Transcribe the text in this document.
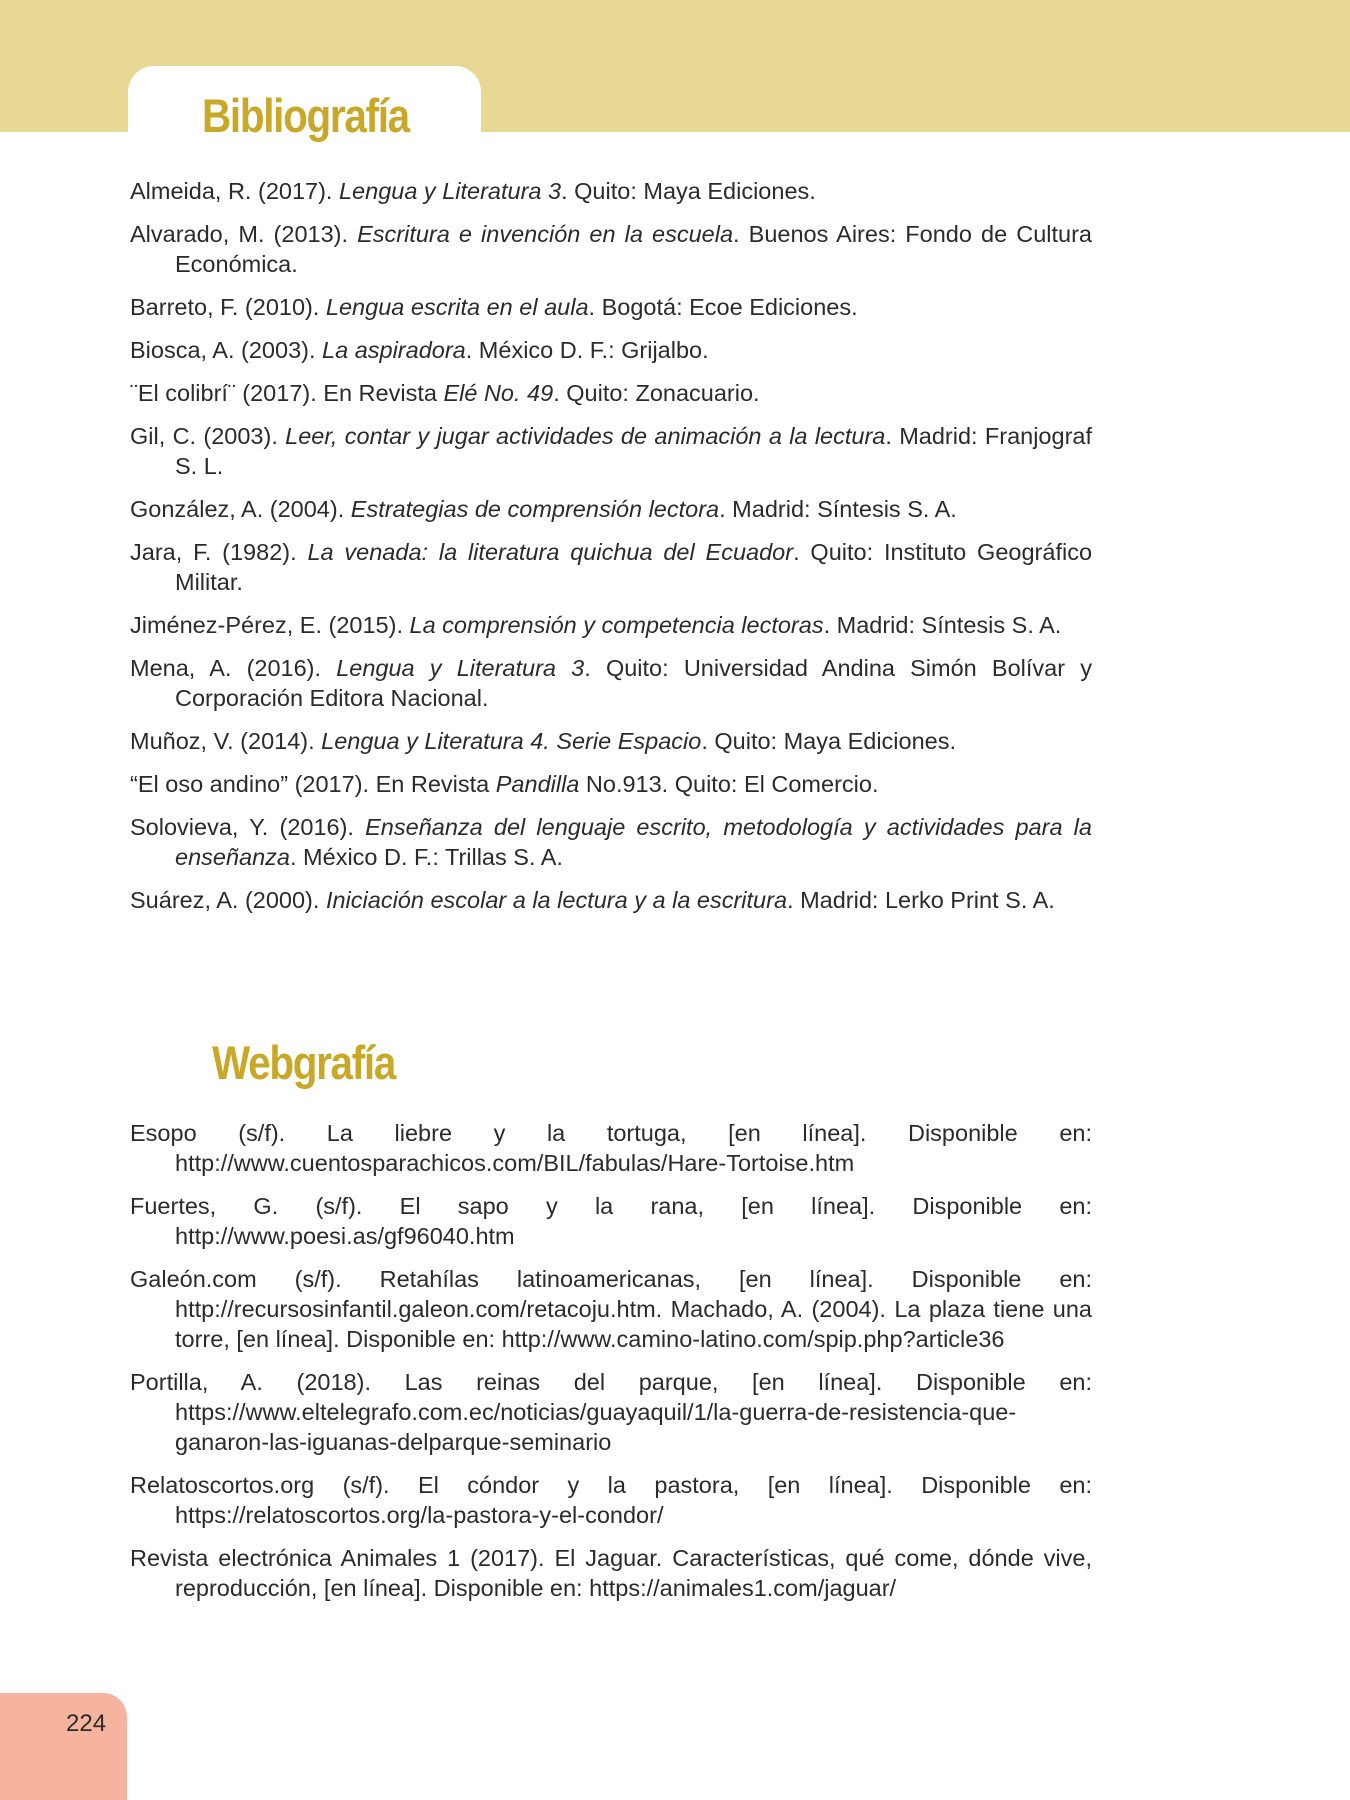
Bibliografía
Almeida, R. (2017). Lengua y Literatura 3. Quito: Maya Ediciones.
Alvarado, M. (2013). Escritura e invención en la escuela. Buenos Aires: Fondo de Cultura Económica.
Barreto, F. (2010). Lengua escrita en el aula. Bogotá: Ecoe Ediciones.
Biosca, A. (2003). La aspiradora. México D. F.: Grijalbo.
¨El colibrí¨ (2017). En Revista Elé No. 49. Quito: Zonacuario.
Gil, C. (2003). Leer, contar y jugar actividades de animación a la lectura. Madrid: Franjograf S. L.
González, A. (2004). Estrategias de comprensión lectora. Madrid: Síntesis S. A.
Jara, F. (1982). La venada: la literatura quichua del Ecuador. Quito: Instituto Geográfico Militar.
Jiménez-Pérez, E. (2015). La comprensión y competencia lectoras. Madrid: Síntesis S. A.
Mena, A. (2016). Lengua y Literatura 3. Quito: Universidad Andina Simón Bolívar y Corporación Editora Nacional.
Muñoz, V. (2014). Lengua y Literatura 4. Serie Espacio. Quito: Maya Ediciones.
“El oso andino” (2017). En Revista Pandilla No.913. Quito: El Comercio.
Solovieva, Y. (2016). Enseñanza del lenguaje escrito, metodología y actividades para la enseñanza. México D. F.: Trillas S. A.
Suárez, A. (2000). Iniciación escolar a la lectura y a la escritura. Madrid: Lerko Print S. A.
Webgrafía
Esopo (s/f). La liebre y la tortuga, [en línea]. Disponible en: http://www.cuentosparachicos.com/BIL/fabulas/Hare-Tortoise.htm
Fuertes, G. (s/f). El sapo y la rana, [en línea]. Disponible en: http://www.poesi.as/gf96040.htm
Galeón.com (s/f). Retahílas latinoamericanas, [en línea]. Disponible en: http://recursosinfantil.galeon.com/retacoju.htm. Machado, A. (2004). La plaza tiene una torre, [en línea]. Disponible en: http://www.camino-latino.com/spip.php?article36
Portilla, A. (2018). Las reinas del parque, [en línea]. Disponible en: https://www.eltelegrafo.com.ec/noticias/guayaquil/1/la-guerra-de-resistencia-que-ganaron-las-iguanas-delparque-seminario
Relatoscortos.org (s/f). El cóndor y la pastora, [en línea]. Disponible en: https://relatoscortos.org/la-pastora-y-el-condor/
Revista electrónica Animales 1 (2017). El Jaguar. Características, qué come, dónde vive, reproducción, [en línea]. Disponible en: https://animales1.com/jaguar/
224
